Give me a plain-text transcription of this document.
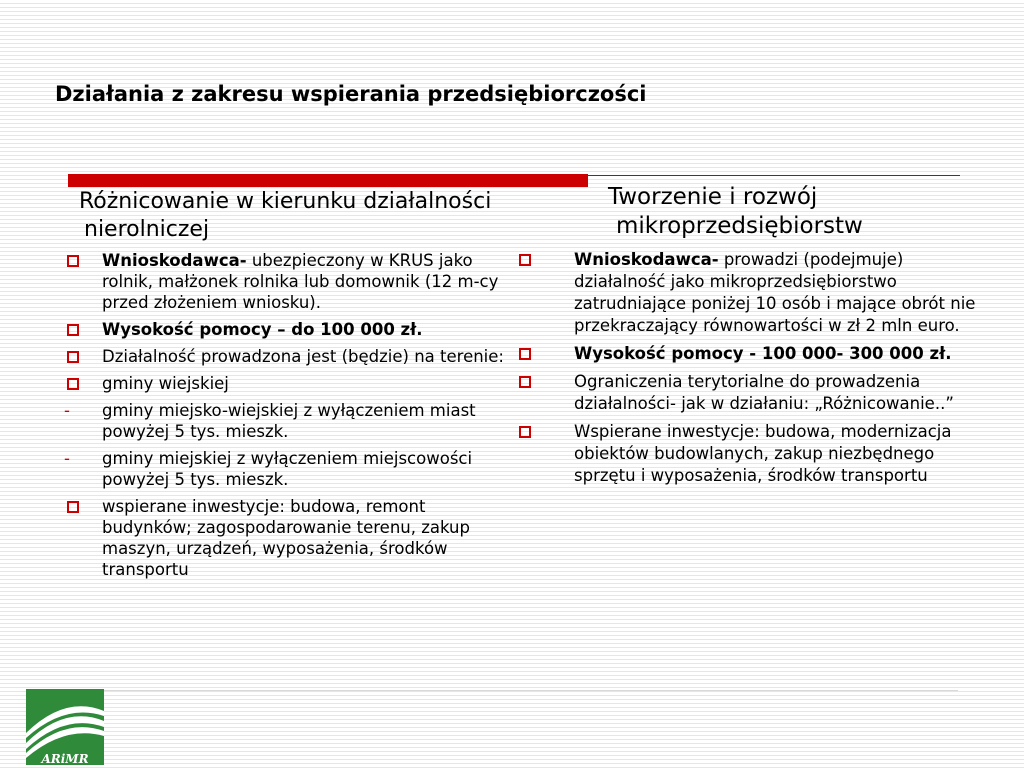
Działania z zakresu wspierania przedsiębiorczości
Różnicowanie w kierunku działalności nierolniczej
Wnioskodawca- ubezpieczony w KRUS jako rolnik, małżonek rolnika lub domownik (12 m-cy przed złożeniem wniosku).
Wysokość pomocy – do 100 000 zł.
Działalność prowadzona jest (będzie) na terenie:
gminy wiejskiej
- gminy miejsko-wiejskiej z wyłączeniem miast powyżej 5 tys. mieszk.
- gminy miejskiej z wyłączeniem miejscowości powyżej 5 tys. mieszk.
wspierane inwestycje: budowa, remont budynków; zagospodarowanie terenu, zakup maszyn, urządzeń, wyposażenia, środków transportu
Tworzenie i rozwój mikroprzedsiębiorstw
Wnioskodawca- prowadzi (podejmuje) działalność jako mikroprzedsiębiorstwo zatrudniające poniżej 10 osób i mające obrót nie przekraczający równowartości w zł 2 mln euro.
Wysokość pomocy - 100 000- 300 000 zł.
Ograniczenia terytorialne do prowadzenia działalności- jak w działaniu: „Różnicowanie..”
Wspierane inwestycje: budowa, modernizacja obiektów budowlanych, zakup niezbędnego sprzętu i wyposażenia, środków transportu
ARiMR
